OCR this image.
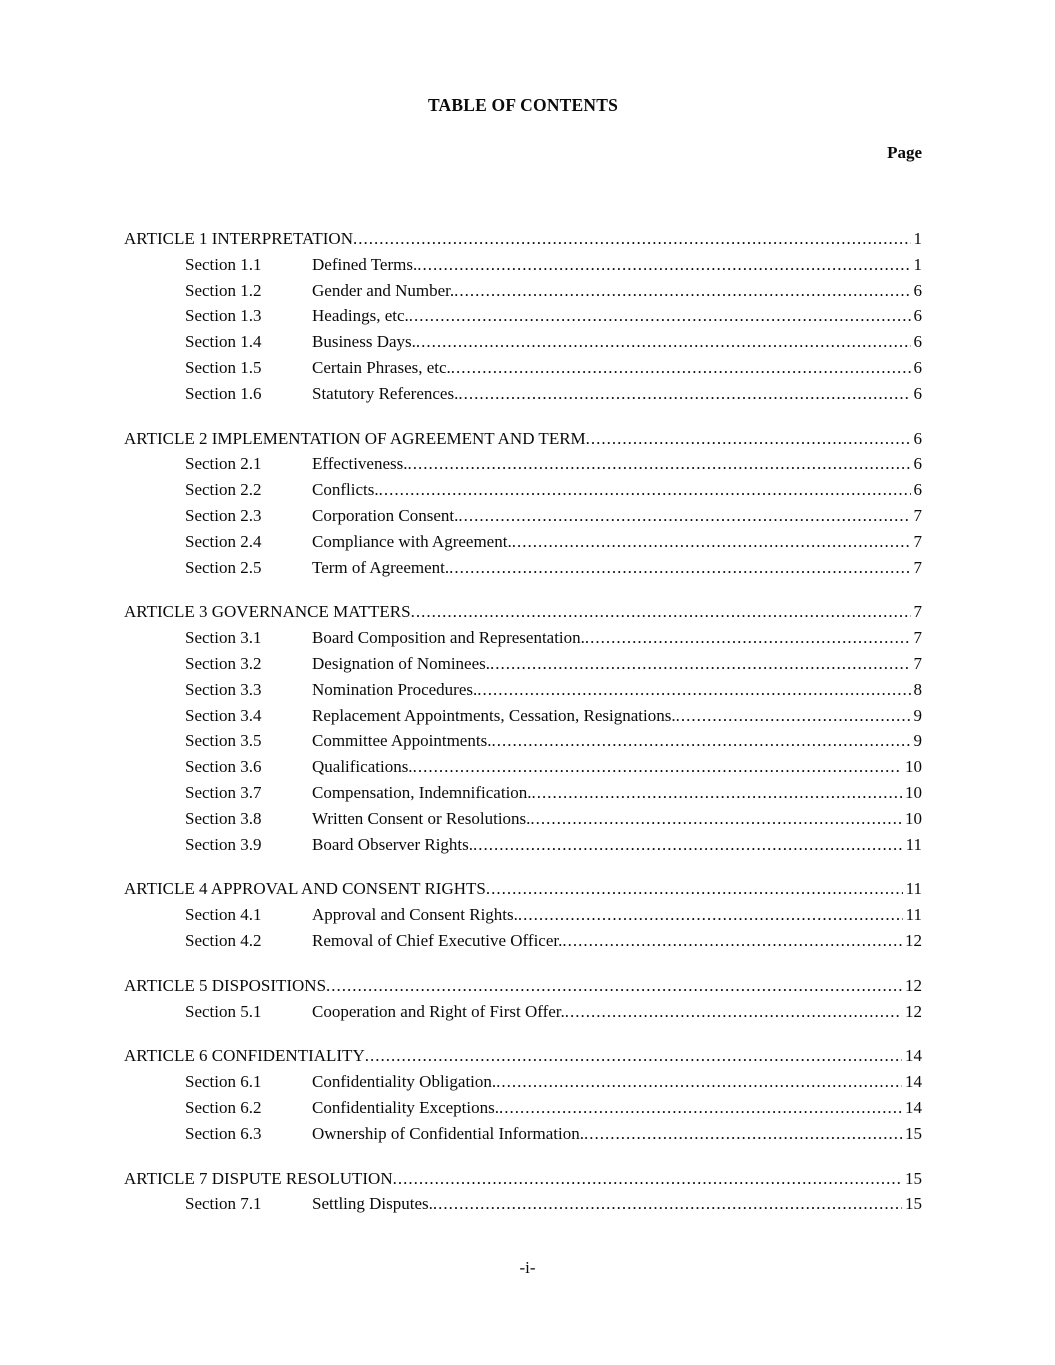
TABLE OF CONTENTS
Page
ARTICLE 1 INTERPRETATION .....	1
Section 1.1	Defined Terms. .....	1
Section 1.2	Gender and Number. .....	6
Section 1.3	Headings, etc. .....	6
Section 1.4	Business Days. .....	6
Section 1.5	Certain Phrases, etc. .....	6
Section 1.6	Statutory References. .....	6
ARTICLE 2 IMPLEMENTATION OF AGREEMENT AND TERM .....	6
Section 2.1	Effectiveness. .....	6
Section 2.2	Conflicts. .....	6
Section 2.3	Corporation Consent. .....	7
Section 2.4	Compliance with Agreement. .....	7
Section 2.5	Term of Agreement. .....	7
ARTICLE 3 GOVERNANCE MATTERS .....	7
Section 3.1	Board Composition and Representation. .....	7
Section 3.2	Designation of Nominees. .....	7
Section 3.3	Nomination Procedures. .....	8
Section 3.4	Replacement Appointments, Cessation, Resignations. .....	9
Section 3.5	Committee Appointments. .....	9
Section 3.6	Qualifications. .....	10
Section 3.7	Compensation, Indemnification. .....	10
Section 3.8	Written Consent or Resolutions. .....	10
Section 3.9	Board Observer Rights. .....	11
ARTICLE 4 APPROVAL AND CONSENT RIGHTS .....	11
Section 4.1	Approval and Consent Rights. .....	11
Section 4.2	Removal of Chief Executive Officer. .....	12
ARTICLE 5 DISPOSITIONS .....	12
Section 5.1	Cooperation and Right of First Offer. .....	12
ARTICLE 6 CONFIDENTIALITY .....	14
Section 6.1	Confidentiality Obligation. .....	14
Section 6.2	Confidentiality Exceptions. .....	14
Section 6.3	Ownership of Confidential Information. .....	15
ARTICLE 7 DISPUTE RESOLUTION .....	15
Section 7.1	Settling Disputes. .....	15
-i-
